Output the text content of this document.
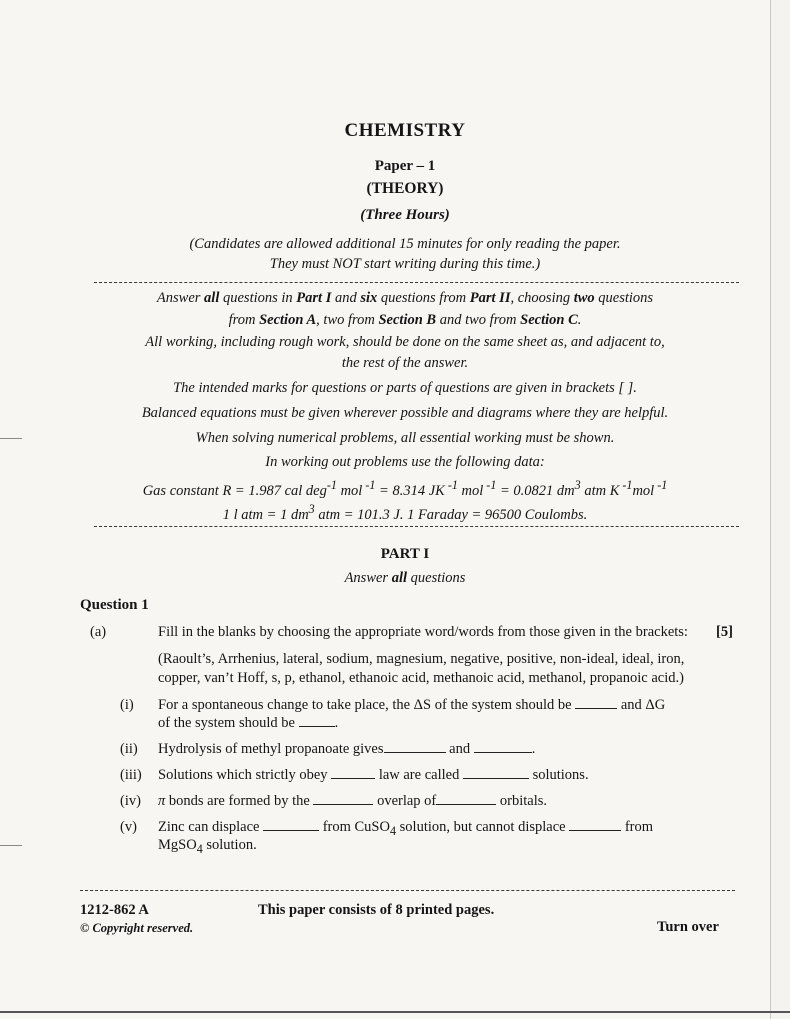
CHEMISTRY
Paper – 1
(THEORY)
(Three Hours)
(Candidates are allowed additional 15 minutes for only reading the paper.
They must NOT start writing during this time.)
Answer all questions in Part I and six questions from Part II, choosing two questions
from Section A, two from Section B and two from Section C.
All working, including rough work, should be done on the same sheet as, and adjacent to,
the rest of the answer.
The intended marks for questions or parts of questions are given in brackets [ ].
Balanced equations must be given wherever possible and diagrams where they are helpful.
When solving numerical problems, all essential working must be shown.
In working out problems use the following data:
Gas constant R = 1.987 cal deg$^{-1}$ mol $^{-1}$ = 8.314 JK $^{-1}$ mol $^{-1}$ = 0.0821 $dm^3$ atm K $^{-1}$mol $^{-1}$
1 l atm = 1 $dm^3$ atm = 101.3 J. 1 Faraday = 96500 Coulombs.
PART I
Answer all questions
Question 1
(a)	Fill in the blanks by choosing the appropriate word/words from those given in the brackets: [5]
(Raoult’s, Arrhenius, lateral, sodium, magnesium, negative, positive, non-ideal, ideal, iron,
copper, van’t Hoff, s, p, ethanol, ethanoic acid, methanoic acid, methanol, propanoic acid.)
(i) For a spontaneous change to take place, the ΔS of the system should be	and ΔG
of the system should be	.
(ii) Hydrolysis of methyl propanoate gives	and	.
(iii) Solutions which strictly obey	law are called	solutions.
(iv) π bonds are formed by the	overlap of	orbitals.
(v) Zinc can displace	from CuSO$_4$ solution, but cannot displace	from
MgSO$_4$ solution.
1212-862 A
© Copyright reserved.
This paper consists of 8 printed pages.
Turn over
